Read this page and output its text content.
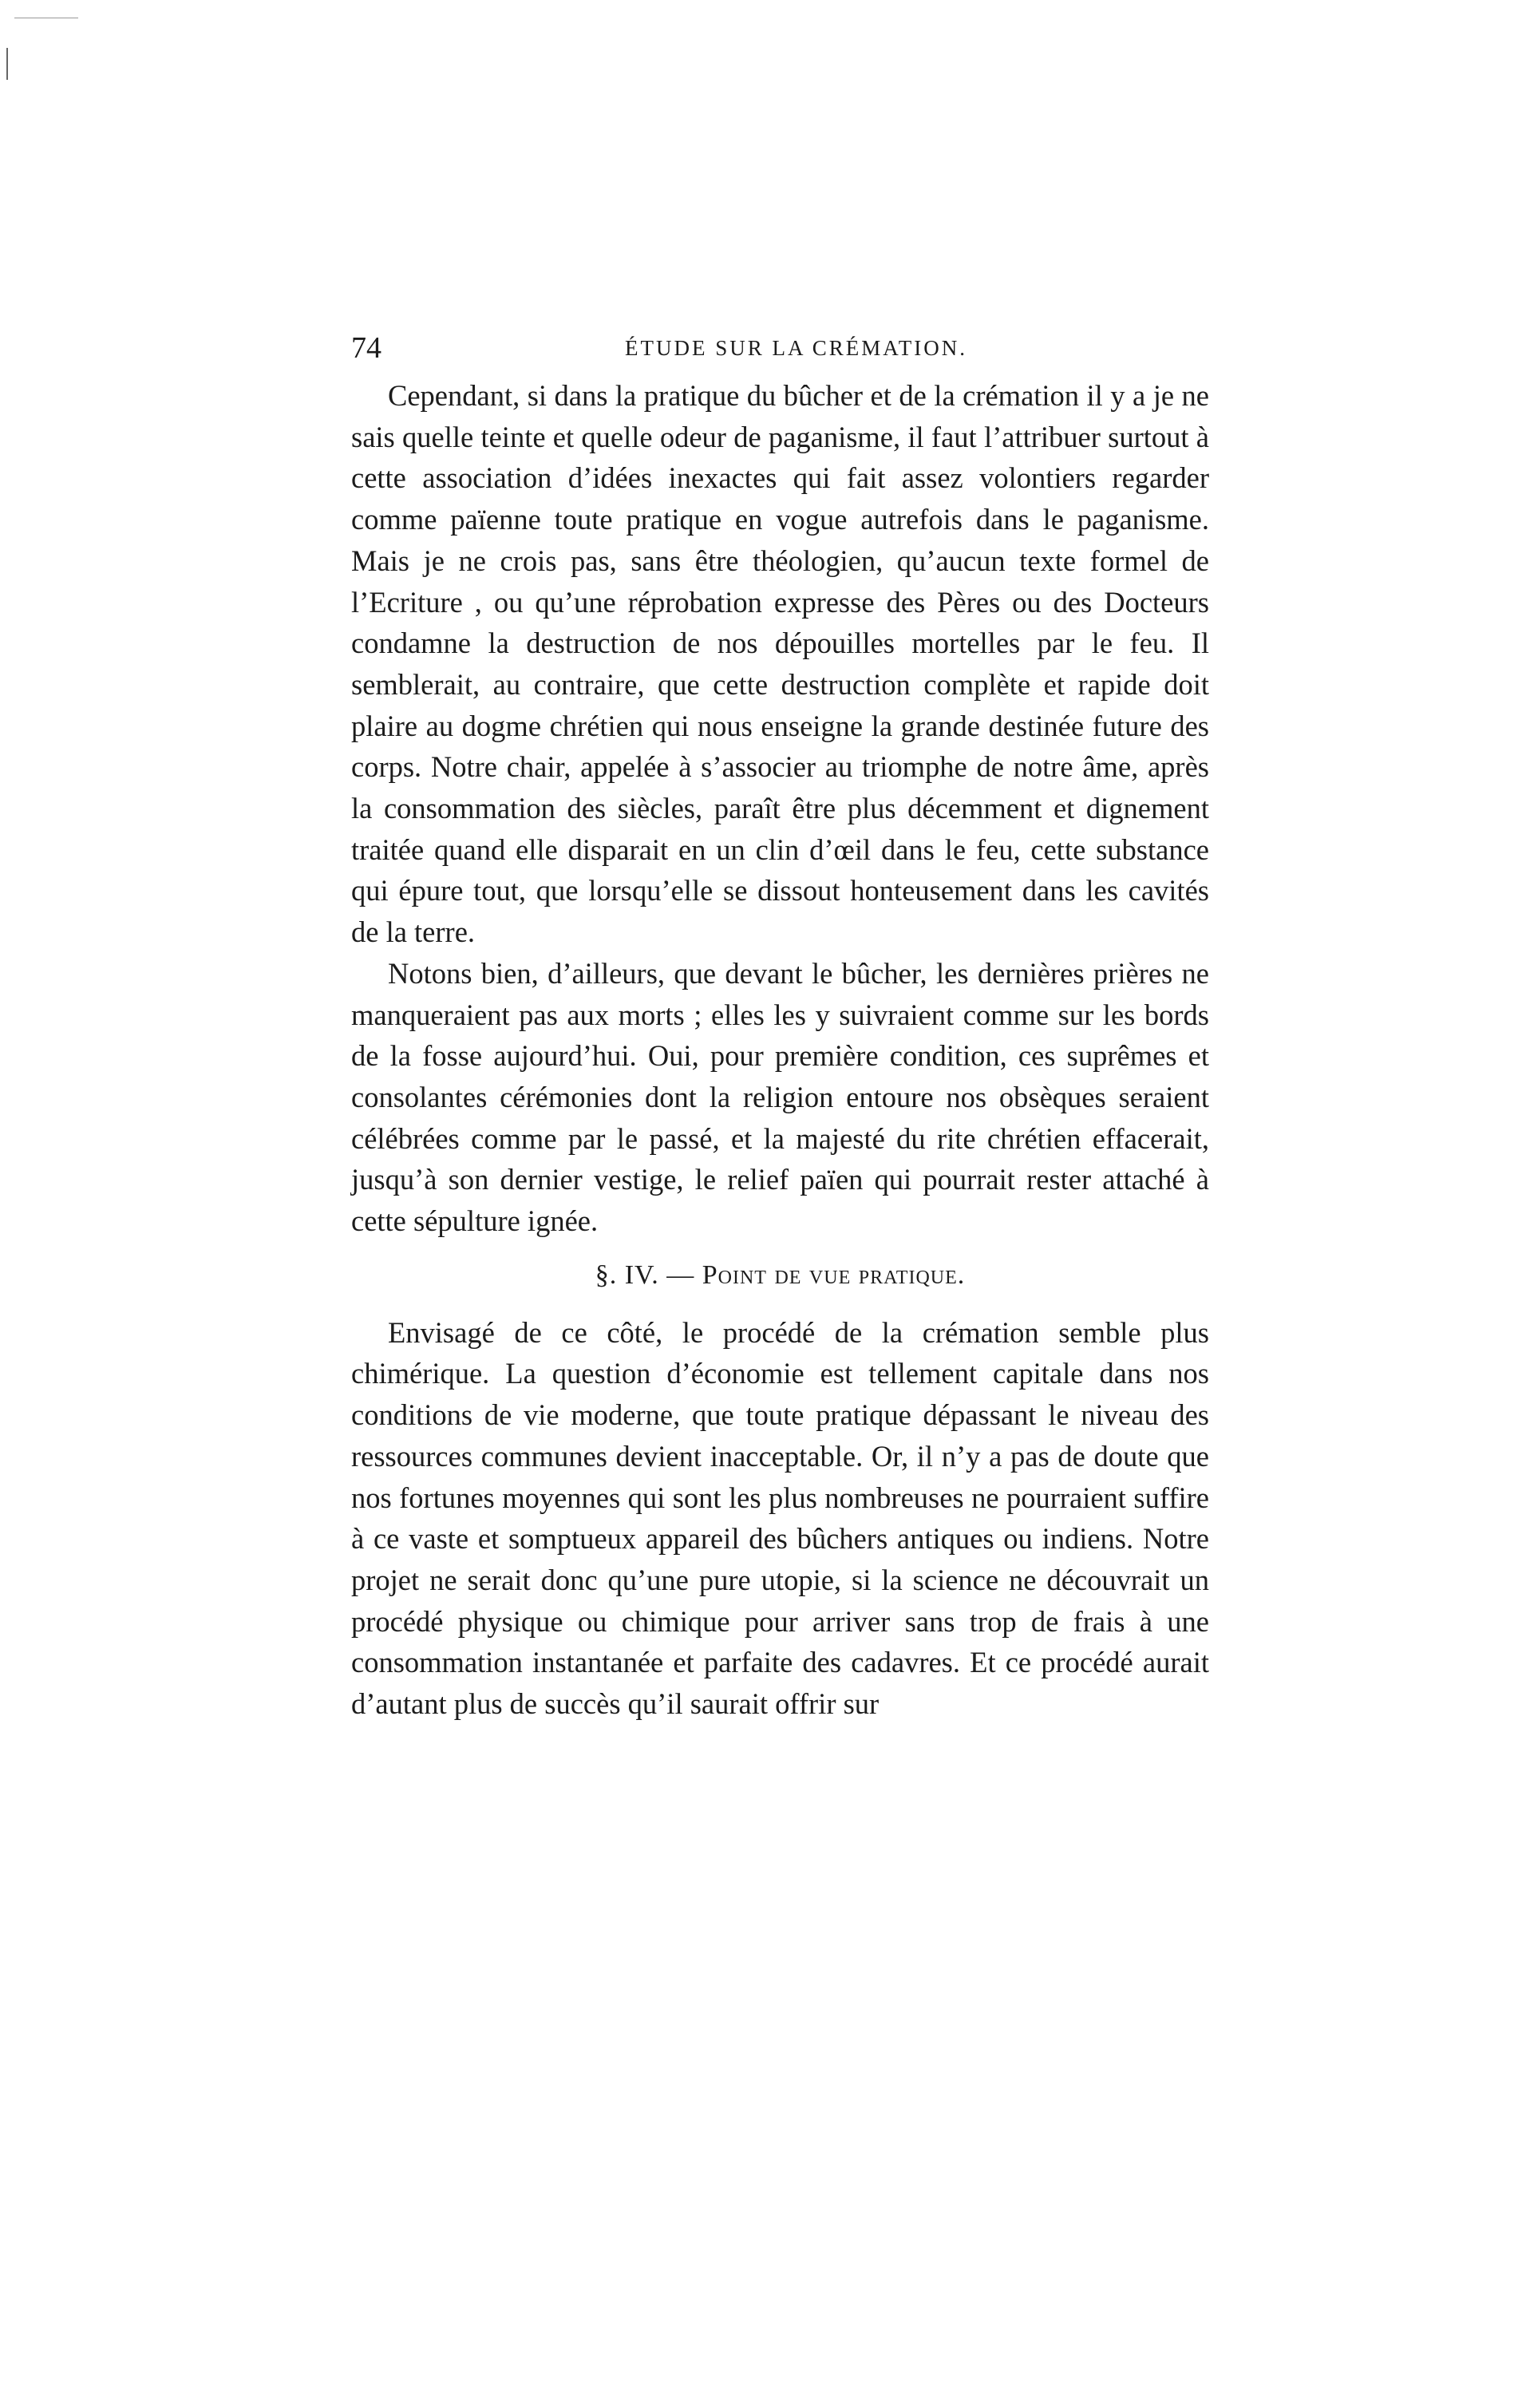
74	ÉTUDE SUR LA CRÉMATION.

Cependant, si dans la pratique du bûcher et de la crémation il y a je ne sais quelle teinte et quelle odeur de paganisme, il faut l’attribuer surtout à cette association d’idées inexactes qui fait assez volontiers regarder comme païenne toute pratique en vogue autrefois dans le paganisme. Mais je ne crois pas, sans être théologien, qu’aucun texte formel de l’Ecriture , ou qu’une réprobation expresse des Pères ou des Docteurs condamne la destruction de nos dépouilles mortelles par le feu. Il semblerait, au contraire, que cette destruction complète et rapide doit plaire au dogme chrétien qui nous enseigne la grande destinée future des corps. Notre chair, appelée à s’associer au triomphe de notre âme, après la consommation des siècles, paraît être plus décemment et dignement traitée quand elle disparait en un clin d’œil dans le feu, cette substance qui épure tout, que lorsqu’elle se dissout honteusement dans les cavités de la terre.

Notons bien, d’ailleurs, que devant le bûcher, les dernières prières ne manqueraient pas aux morts ; elles les y suivraient comme sur les bords de la fosse aujourd’hui. Oui, pour première condition, ces suprêmes et consolantes cérémonies dont la religion entoure nos obsèques seraient célébrées comme par le passé, et la majesté du rite chrétien effacerait, jusqu’à son dernier vestige, le relief païen qui pourrait rester attaché à cette sépulture ignée.

§. IV. — Point de vue pratique.

Envisagé de ce côté, le procédé de la crémation semble plus chimérique. La question d’économie est tellement capitale dans nos conditions de vie moderne, que toute pratique dépassant le niveau des ressources communes devient inacceptable. Or, il n’y a pas de doute que nos fortunes moyennes qui sont les plus nombreuses ne pourraient suffire à ce vaste et somptueux appareil des bûchers antiques ou indiens. Notre projet ne serait donc qu’une pure utopie, si la science ne découvrait un procédé physique ou chimique pour arriver sans trop de frais à une consommation instantanée et parfaite des cadavres. Et ce procédé aurait d’autant plus de succès qu’il saurait offrir sur
